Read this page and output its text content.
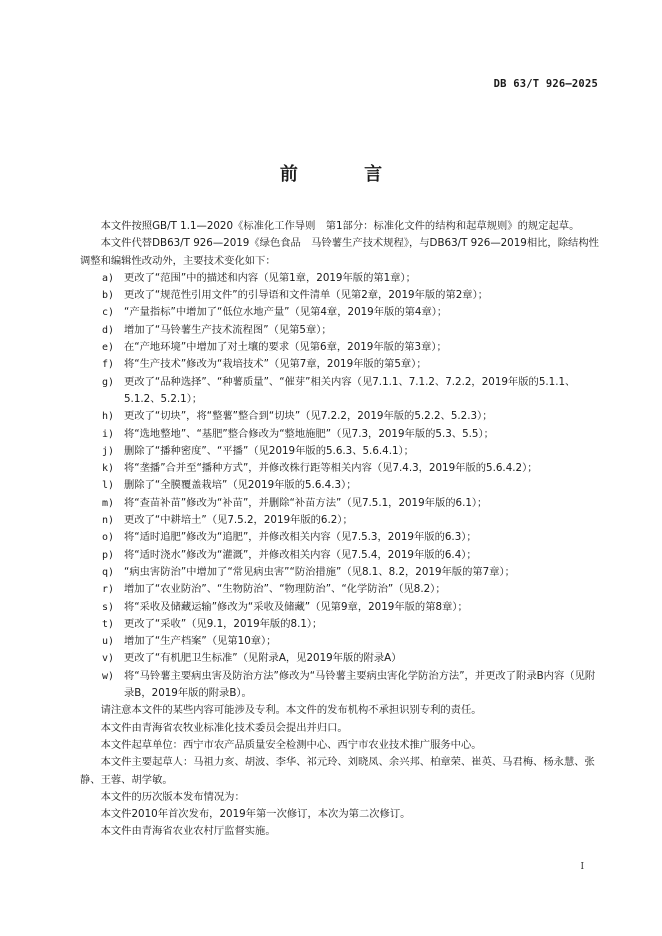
DB 63/T 926—2025
前 言

本文件按照GB/T 1.1—2020《标准化工作导则　第1部分：标准化文件的结构和起草规则》的规定起草。

本文件代替DB63/T 926—2019《绿色食品　马铃薯生产技术规程》，与DB63/T 926—2019相比，除结构性调整和编辑性改动外，主要技术变化如下：

a) 更改了“范围”中的描述和内容（见第1章，2019年版的第1章）；
b) 更改了“规范性引用文件”的引导语和文件清单（见第2章，2019年版的第2章）；
c) “产量指标”中增加了“低位水地产量”（见第4章，2019年版的第4章）；
d) 增加了“马铃薯生产技术流程图”（见第5章）；
e) 在“产地环境”中增加了对土壤的要求（见第6章，2019年版的第3章）；
f) 将“生产技术”修改为“栽培技术”（见第7章，2019年版的第5章）；
g) 更改了“品种选择”、“种薯质量”、“催芽”相关内容（见7.1.1、7.1.2、7.2.2，2019年版的5.1.1、5.1.2、5.2.1）；
h) 更改了“切块”，将“整薯”整合到“切块”（见7.2.2，2019年版的5.2.2、5.2.3）；
i) 将“选地整地”、“基肥”整合修改为“整地施肥”（见7.3，2019年版的5.3、5.5）；
j) 删除了“播种密度”、“平播”（见2019年版的5.6.3、5.6.4.1）；
k) 将“垄播”合并至“播种方式”，并修改株行距等相关内容（见7.4.3，2019年版的5.6.4.2）；
l) 删除了“全膜覆盖栽培”（见2019年版的5.6.4.3）；
m) 将“查苗补苗”修改为“补苗”，并删除“补苗方法”（见7.5.1，2019年版的6.1）；
n) 更改了“中耕培土”（见7.5.2，2019年版的6.2）；
o) 将“适时追肥”修改为“追肥”，并修改相关内容（见7.5.3，2019年版的6.3）；
p) 将“适时浇水”修改为“灌溉”，并修改相关内容（见7.5.4，2019年版的6.4）；
q) “病虫害防治”中增加了“常见病虫害”“防治措施”（见8.1、8.2，2019年版的第7章）；
r) 增加了“农业防治”、“生物防治”、“物理防治”、“化学防治”（见8.2）；
s) 将“采收及储藏运输”修改为“采收及储藏”（见第9章，2019年版的第8章）；
t) 更改了“采收”（见9.1，2019年版的8.1）；
u) 增加了“生产档案”（见第10章）；
v) 更改了“有机肥卫生标准”（见附录A，见2019年版的附录A）
w) 将“马铃薯主要病虫害及防治方法”修改为“马铃薯主要病虫害化学防治方法”，并更改了附录B内容（见附录B，2019年版的附录B）。

请注意本文件的某些内容可能涉及专利。本文件的发布机构不承担识别专利的责任。

本文件由青海省农牧业标准化技术委员会提出并归口。

本文件起草单位：西宁市农产品质量安全检测中心、西宁市农业技术推广服务中心。

本文件主要起草人：马祖力亥、胡波、李华、祁元玲、刘晓凤、余兴邦、柏章荣、崔英、马君梅、杨永慧、张静、王蓉、胡学敏。

本文件的历次版本发布情况为：

本文件2010年首次发布，2019年第一次修订，本次为第二次修订。

本文件由青海省农业农村厅监督实施。

I
